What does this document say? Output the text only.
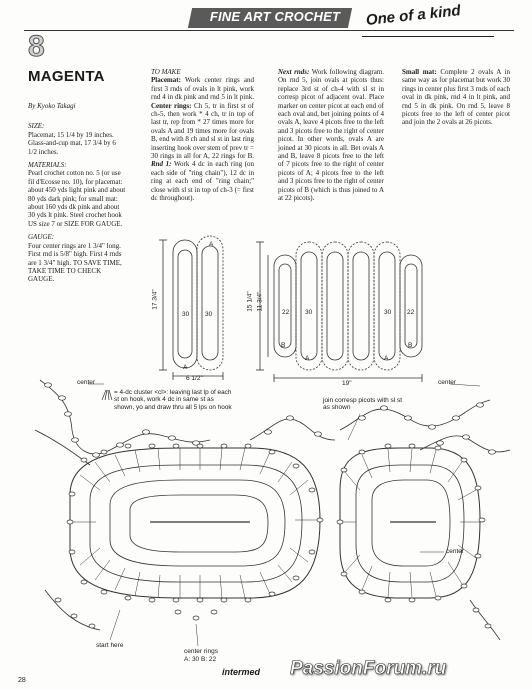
FINE ART CROCHET	One of a kind
8
MAGENTA

By Kyoko Takagi

SIZE:
Placemat, 15 1/4 by 19 inches. Glass-and-cup mat, 17 3/4 by 6 1/2 inches.

MATERIALS:
Pearl crochet cotton no. 5 (or use fil d'Ecosse no. 10), for placemat: about 450 yds light pink and about 80 yds dark pink; for small mat: about 160 yds dk pink and about 30 yds lt pink. Steel crochet hook US size 7 or SIZE FOR GAUGE.

GAUGE:
Four center rings are 1 3/4" long. First rnd is 5/8" high. First 4 rnds are 1 3/4" high. TO SAVE TIME, TAKE TIME TO CHECK GAUGE.

TO MAKE
Placemat: Work center rings and first 3 rnds of ovals in lt pink, work rnd 4 in dk pink and rnd 5 in lt pink. Center rings: Ch 5, tr in first st of ch-5, then work * 4 ch, tr in top of last tr, rep from * 27 times more for ovals A and 19 times more for ovals B, end with 8 ch and sl st in last ring inserting hook over stem of prev tr = 30 rings in all for A, 22 rings for B. Rnd 1: Work 4 dc in each ring (on each side of "ring chain"), 12 dc in ring at each end of "ring chain;" close with sl st in top of ch-3 (= first dc throughout).
Next rnds: Work following diagram. On rnd 5, join ovals at picots thus: replace 3rd st of ch-4 with sl st in corresp picot of adjacent oval. Place marker on center picot at each end of each oval and, bet joining points of 4 ovals A, leave 4 picots free to the left and 3 picots free to the right of center picot. In other words, ovals A are joined at 30 picots in all. Bet ovals A and B, leave 8 picots free to the left of 7 picots free to the right of center picots of A; 4 picots free to the left and 3 picots free to the right of center picots of B (which is thus joined to A at 22 picots).
Small mat: Complete 2 ovals A in same way as for placemat but work 30 rings in center plus first 3 rnds of each oval in dk pink, rnd 4 in lt pink, and rnd 5 in dk pink. On rnd 5, leave 8 picots free to the left of center picot and join the 2 ovals at 26 picots.
17 3/4"
6 1/2"
30 30
A
A
15 1/4" 11 3/4"
19"
22 30	30 22
B
A	A
B
center	center
center
= 4-dc cluster <cl>: leaving last lp of each st on hook, work 4 dc in same st as shown, yo and draw thru all 5 lps on hook
join corresp picots with sl st as shown
start here
center rings
A: 30 B: 22
28
intermed PassionForum.ru
